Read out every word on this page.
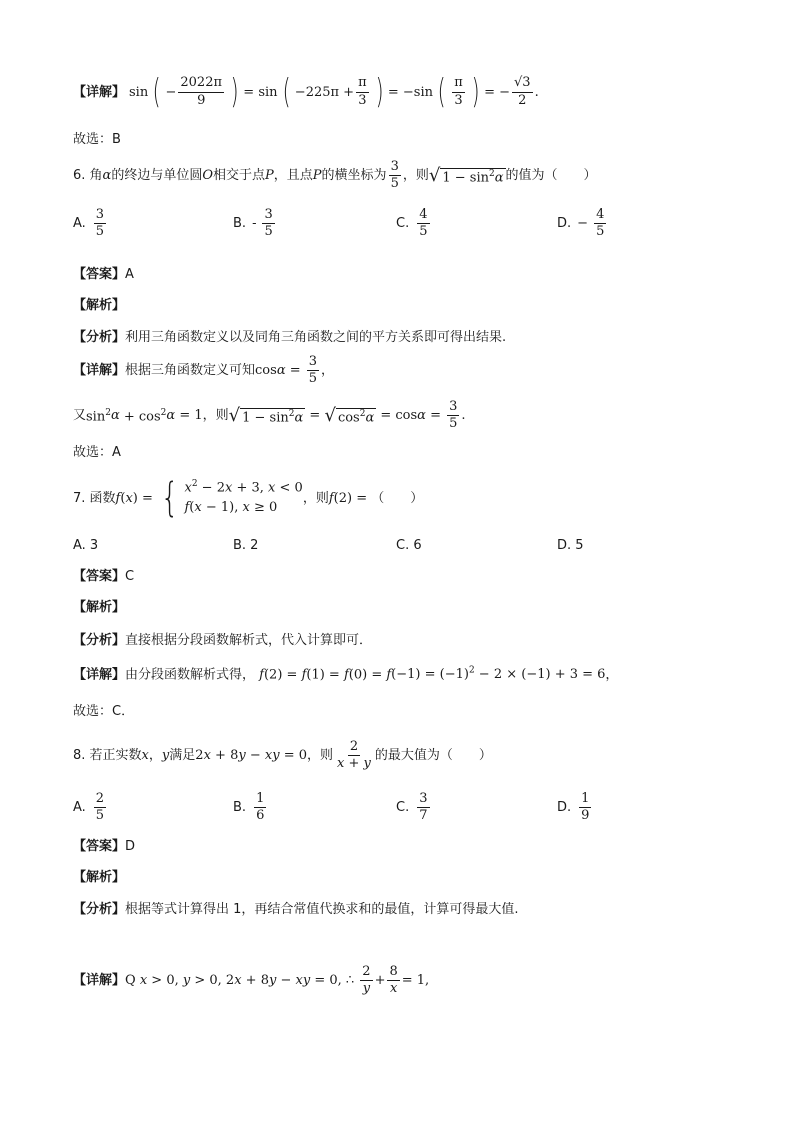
【详解】 sin ( − $\frac{2022\pi}{9}$ ) = sin ( $-225\pi + \frac{\pi}{3}$ ) = −sin ( $\frac{\pi}{3}$ ) = − $\frac{√3}{2}$ .
故选：B
6. 角 α 的终边与单位圆 O 相交于点 P ，且点 P 的横坐标为 $\frac{3}{5}$ ，则 √ $1 - \sin^2\alpha$ 的值为（　　）
A. $\frac{3}{5}$	B. - $\frac{3}{5}$	C. $\frac{4}{5}$	D. − $\frac{4}{5}$
【答案】A
【解析】
【分析】利用三角函数定义以及同角三角函数之间的平方关系即可得出结果.
【详解】 根据三角函数定义可知 $\cos \alpha = \frac{3}{5}$ ，
又 $\sin^2 \alpha + \cos^2 \alpha = 1$ ，则 √ $1 - \sin^2\alpha$ = √ $\cos^2\alpha = \cos \alpha = \frac{3}{5}$ .
故选：A
7. 函数 f ( x ) = { $x^2 - 2x + 3$, x < 0
f(x − 1), x ≥ 0
，则 f (2) = （　　）
A. 3	B. 2	C. 6	D. 5
【答案】C
【解析】
【分析】直接根据分段函数解析式，代入计算即可．
【详解】由分段函数解析式得， $f(2) = f(1) = f(0) = f(-1) = (-1)^2 - 2 \times (-1) + 3 = 6$，
故选：C．
8. 若正实数 x ， y 满足 2 x + 8 y − xy = 0 ，则 $\frac{2}{x + y}$ 的最大值为（　　）
A. $\frac{2}{5}$	B. $\frac{1}{6}$	C. $\frac{3}{7}$	D. $\frac{1}{9}$
【答案】D
【解析】
【分析】根据等式计算得出 1，再结合常值代换求和的最值，计算可得最大值.
【详解】 Q x > 0, y > 0, 2 x + 8 y − xy = 0, ∴ $\frac{2}{y} + \frac{8}{x} = 1$,
